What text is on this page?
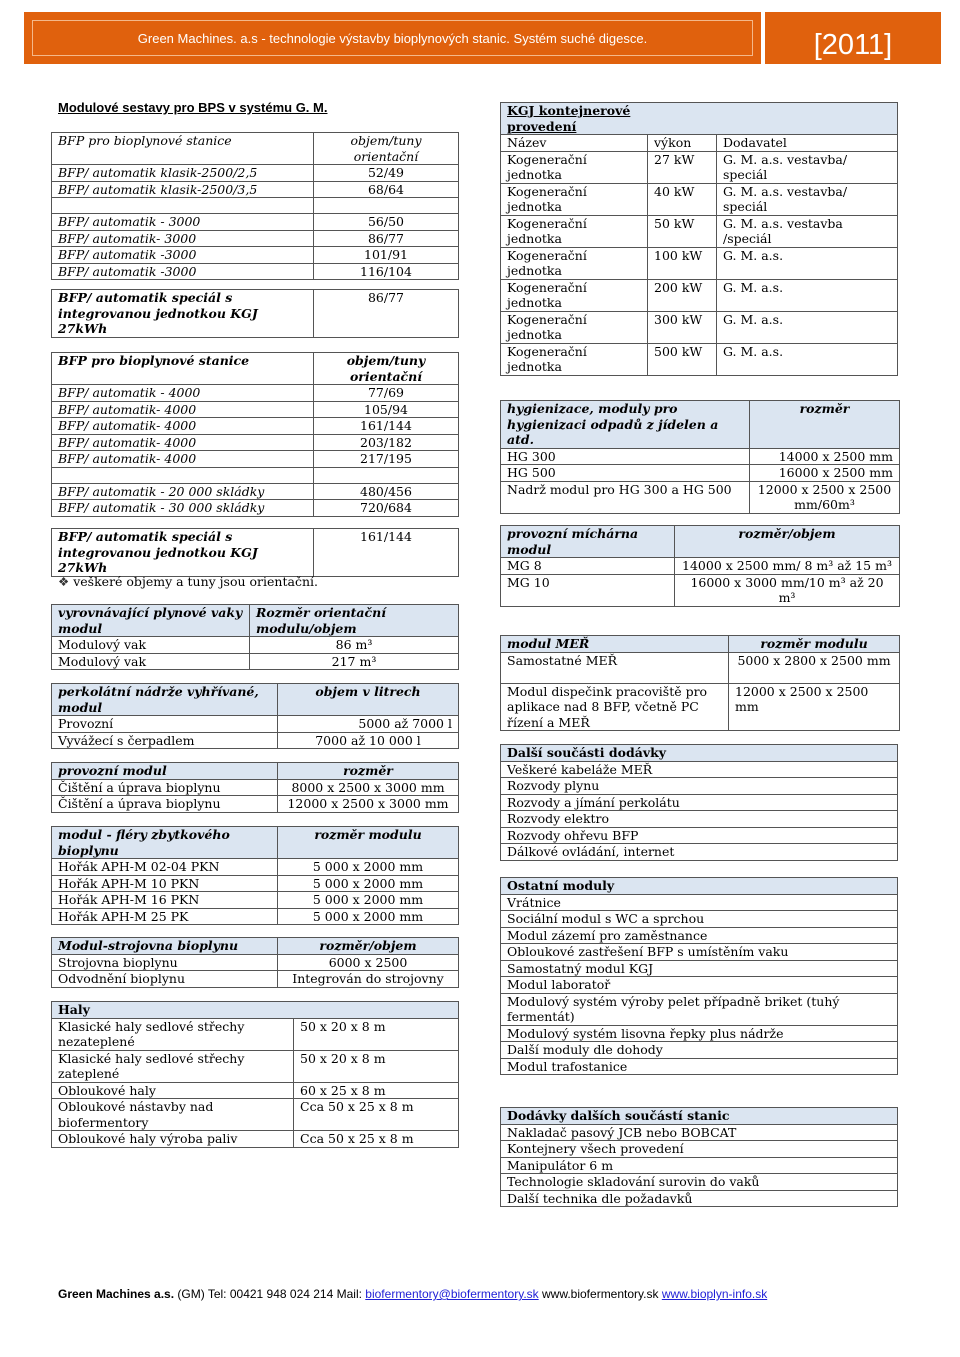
Green Machines. a.s - technologie výstavby bioplynových stanic. Systém suché digesce.	[2011]
Modulové sestavy pro BPS v systému G. M.
BFP pro bioplynové stanice	objem/tuny orientační
BFP/ automatik klasik-2500/2,5	52/49
BFP/ automatik klasik-2500/3,5	68/64

BFP/ automatik - 3000	56/50
BFP/ automatik- 3000	86/77
BFP/ automatik -3000	101/91
BFP/ automatik -3000	116/104
BFP/ automatik speciál s integrovanou jednotkou KGJ 27kWh	86/77
BFP pro bioplynové stanice	objem/tuny orientační
BFP/ automatik - 4000	77/69
BFP/ automatik- 4000	105/94
BFP/ automatik- 4000	161/144
BFP/ automatik- 4000	203/182
BFP/ automatik- 4000	217/195

BFP/ automatik - 20 000 skládky	480/456
BFP/ automatik - 30 000 skládky	720/684
BFP/ automatik speciál s integrovanou jednotkou KGJ 27kWh	161/144
❖ veškeré objemy a tuny jsou orientační.
vyrovnávající plynové vaky modul	Rozměr orientační modulu/objem
Modulový vak	86 m³
Modulový vak	217 m³
perkolátní nádrže vyhřívané, modul	objem v litrech
Provozní	5000 až 7000 l
Vyvážecí s čerpadlem	7000 až 10 000 l
provozní modul	rozměr
Čištění a úprava bioplynu	8000 x 2500 x 3000 mm
Čištění a úprava bioplynu	12000 x 2500 x 3000 mm
modul - fléry zbytkového bioplynu	rozměr modulu
Hořák APH-M 02-04 PKN	5 000 x 2000 mm
Hořák APH-M 10 PKN	5 000 x 2000 mm
Hořák APH-M 16 PKN	5 000 x 2000 mm
Hořák APH-M 25 PK	5 000 x 2000 mm
Modul-strojovna bioplynu	rozměr/objem
Strojovna bioplynu	6000 x 2500
Odvodnění bioplynu	Integrován do strojovny
Haly	
Klasické haly sedlové střechy nezateplené	50 x 20 x 8 m
Klasické haly sedlové střechy zateplené	50 x 20 x 8 m
Obloukové haly	60 x 25 x 8 m
Obloukové nástavby nad biofermentory	Cca 50 x 25 x 8 m
Obloukové haly výroba paliv	Cca 50 x 25 x 8 m
KGJ kontejnerové provedení		
Název	výkon	Dodavatel
Kogenerační jednotka	27 kW	G. M. a.s. vestavba/ speciál
Kogenerační jednotka	40 kW	G. M. a.s. vestavba/ speciál
Kogenerační jednotka	50 kW	G. M. a.s. vestavba /speciál
Kogenerační jednotka	100 kW	G. M. a.s.
Kogenerační jednotka	200 kW	G. M. a.s.
Kogenerační jednotka	300 kW	G. M. a.s.
Kogenerační jednotka	500 kW	G. M. a.s.
hygienizace, moduly pro hygienizaci odpadů z jídelen a atd.	rozměr
HG 300	14000 x 2500 mm
HG 500	16000 x 2500 mm
Nadrž modul pro HG 300 a HG 500	12000 x 2500 x 2500 mm/60m³
provozní míchárna modul	rozměr/objem
MG 8	14000 x 2500 mm/ 8 m³ až 15 m³
MG 10	16000 x 3000 mm/10 m³ až 20 m³
modul MEŘ	rozměr modulu
Samostatné MEŘ	5000 x 2800 x 2500 mm
Modul dispečink pracoviště pro aplikace nad 8 BFP, včetně PC řízení a MEŘ	12000 x 2500 x 2500 mm
Další součásti dodávky
Veškeré kabeláže MEŘ
Rozvody plynu
Rozvody a jímání perkolátu
Rozvody elektro
Rozvody ohřevu BFP
Dálkové ovládání, internet
Ostatní moduly
Vrátnice
Sociální modul s WC a sprchou
Modul zázemí pro zaměstnance
Obloukové zastřešení BFP s umístěním vaku
Samostatný modul KGJ
Modul laboratoř
Modulový systém výroby pelet případně briket (tuhý fermentát)
Modulový systém lisovna řepky plus nádrže
Další moduly dle dohody
Modul trafostanice
Dodávky dalších součástí stanic
Nakladač pasový JCB nebo BOBCAT
Kontejnery všech provedení
Manipulátor 6 m
Technologie skladování surovin do vaků
Další technika dle požadavků
Green Machines a.s. (GM) Tel: 00421 948 024 214 Mail: biofermentory@biofermentory.sk www.biofermentory.sk www.bioplyn-info.sk
